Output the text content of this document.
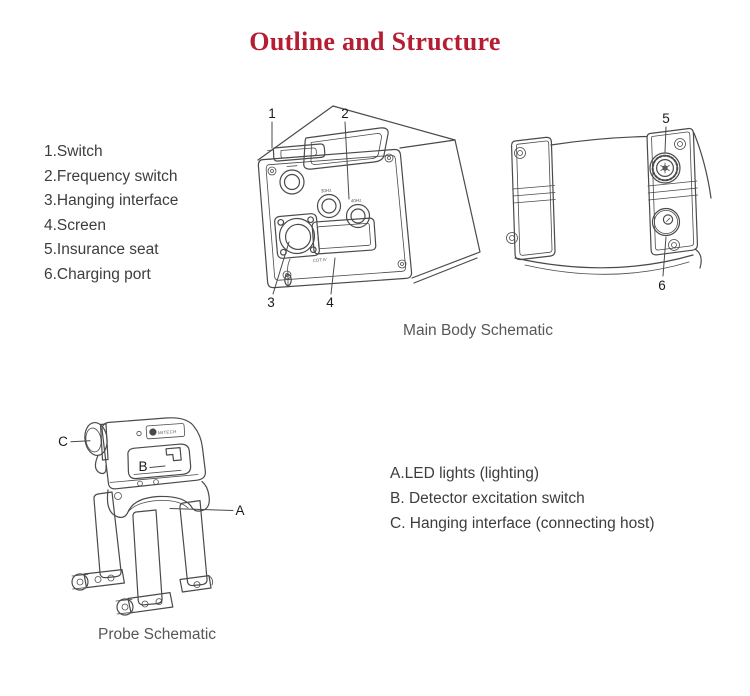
Outline and Structure
1.Switch
2.Frequency switch
3.Hanging interface
4.Screen
5.Insurance seat
6.Charging port
30Hz
40Hz
CDT-IV
1	2
3	4
5
6
Main Body Schematic
MITECH
C
B
A
A.LED lights (lighting)
B. Detector excitation switch
C. Hanging interface (connecting host)
Probe Schematic
